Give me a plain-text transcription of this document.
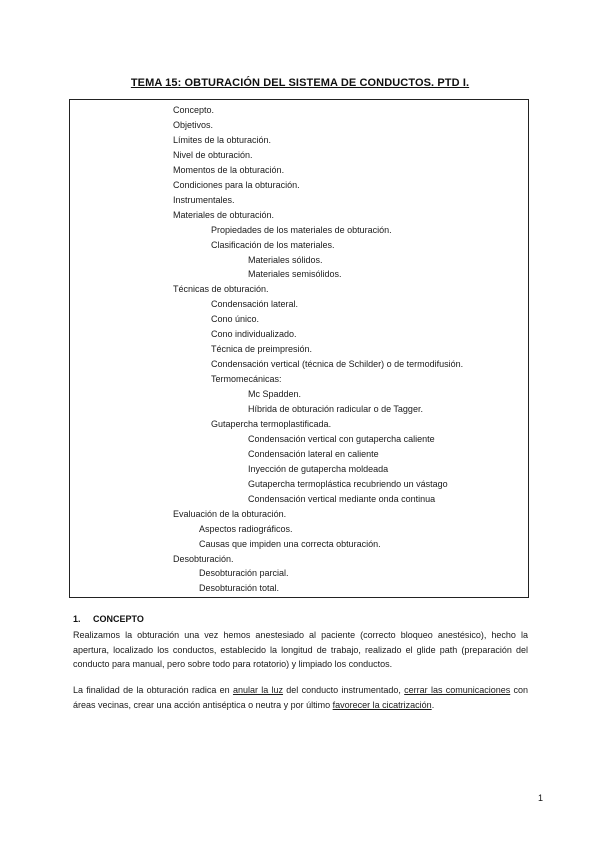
TEMA 15: OBTURACIÓN DEL SISTEMA DE CONDUCTOS. PTD I.
Concepto.
Objetivos.
Límites de la obturación.
Nivel de obturación.
Momentos de la obturación.
Condiciones para la obturación.
Instrumentales.
Materiales de obturación.
Propiedades de los materiales de obturación.
Clasificación de los materiales.
Materiales sólidos.
Materiales semisólidos.
Técnicas de obturación.
Condensación lateral.
Cono único.
Cono individualizado.
Técnica de preimpresión.
Condensación vertical (técnica de Schilder) o de termodifusión.
Termomecánicas:
Mc Spadden.
Híbrida de obturación radicular o de Tagger.
Gutapercha termoplastificada.
Condensación vertical con gutapercha caliente
Condensación lateral en caliente
Inyección de gutapercha moldeada
Gutapercha termoplástica recubriendo un vástago
Condensación vertical mediante onda continua
Evaluación de la obturación.
Aspectos radiográficos.
Causas que impiden una correcta obturación.
Desobturación.
Desobturación parcial.
Desobturación total.
1. CONCEPTO
Realizamos la obturación una vez hemos anestesiado al paciente (correcto bloqueo anestésico), hecho la apertura, localizado los conductos, establecido la longitud de trabajo, realizado el glide path (preparación del conducto para manual, pero sobre todo para rotatorio) y limpiado los conductos.
La finalidad de la obturación radica en anular la luz del conducto instrumentado, cerrar las comunicaciones con áreas vecinas, crear una acción antiséptica o neutra y por último favorecer la cicatrización.
1
